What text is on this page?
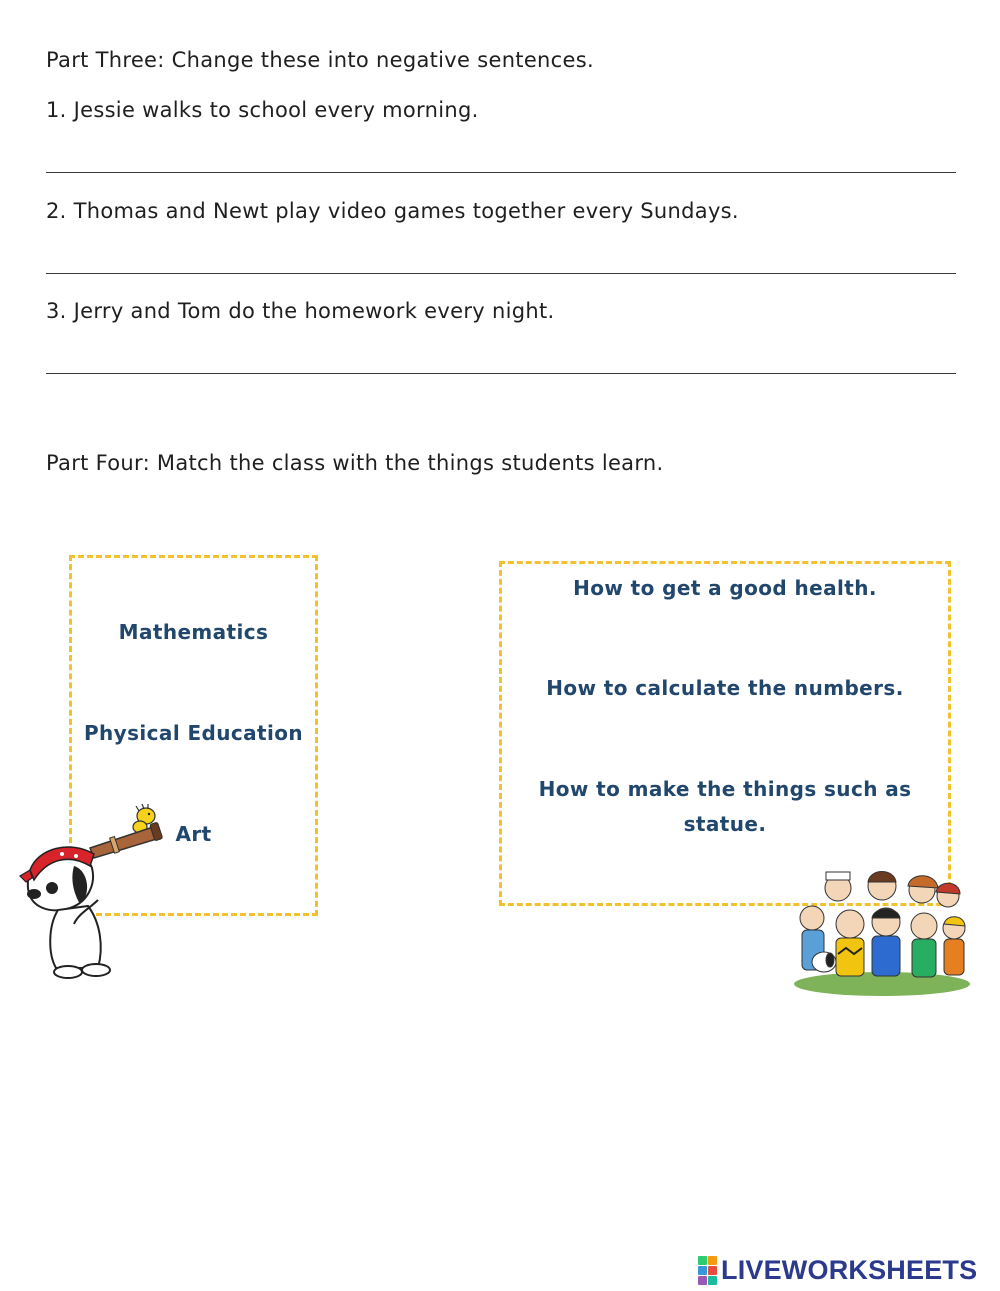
Part Three: Change these into negative sentences.
1. Jessie walks to school every morning.
2. Thomas and Newt play video games together every Sundays.
3. Jerry and Tom do the homework every night.
Part Four: Match the class with the things students learn.
Mathematics
Physical Education
Art
How to get a good health.
How to calculate the numbers.
How to make the things such as
statue.
LIVEWORKSHEETS
